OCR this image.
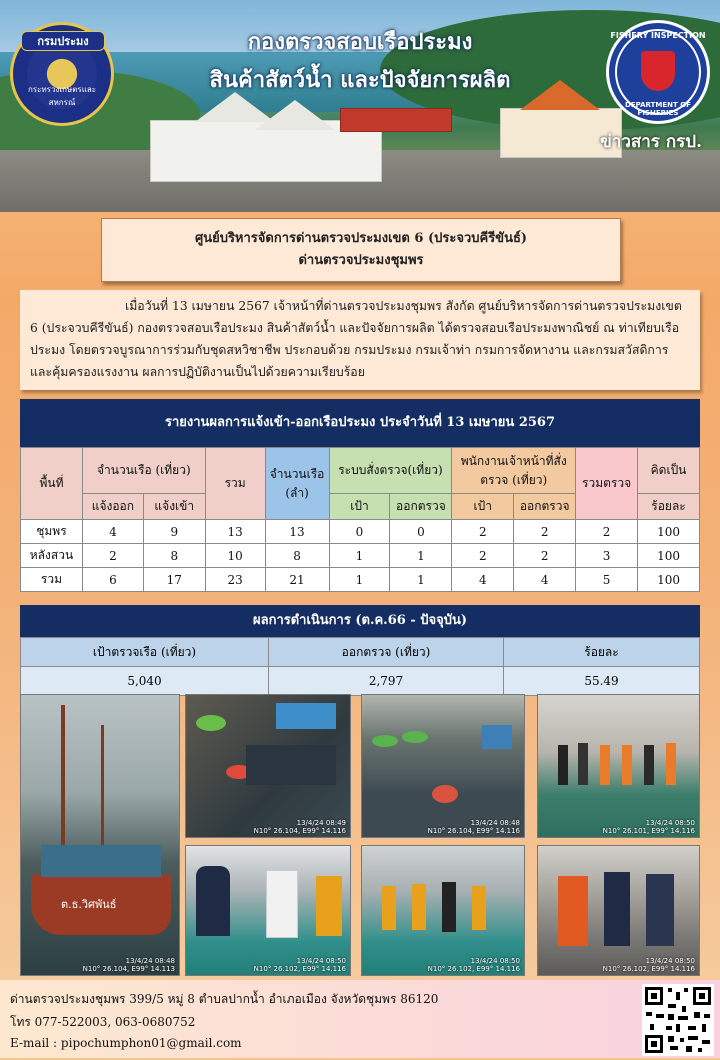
กรมประมง
กระทรวงเกษตรและสหกรณ์
กองตรวจสอบเรือประมง
สินค้าสัตว์น้ำ และปัจจัยการผลิต
FISHERY INSPECTION
DEPARTMENT OF FISHERIES
ข่าวสาร กรป.
ศูนย์บริหารจัดการด่านตรวจประมงเขต 6 (ประจวบคีรีขันธ์)
ด่านตรวจประมงชุมพร
เมื่อวันที่ 13 เมษายน 2567 เจ้าหน้าที่ด่านตรวจประมงชุมพร สังกัด ศูนย์บริหารจัดการด่านตรวจประมงเขต 6 (ประจวบคีรีขันธ์) กองตรวจสอบเรือประมง สินค้าสัตว์น้ำ และปัจจัยการผลิต ได้ตรวจสอบเรือประมงพาณิชย์ ณ ท่าเทียบเรือประมง โดยตรวจบูรณาการร่วมกับชุดสหวิชาชีพ ประกอบด้วย กรมประมง กรมเจ้าท่า กรมการจัดหางาน และกรมสวัสดิการและคุ้มครองแรงงาน ผลการปฏิบัติงานเป็นไปด้วยความเรียบร้อย
รายงานผลการแจ้งเข้า-ออกเรือประมง ประจำวันที่ 13 เมษายน 2567
พื้นที่	จำนวนเรือ (เที่ยว)		รวม	จำนวนเรือ (ลำ)	ระบบสั่งตรวจ(เที่ยว)		พนักงานเจ้าหน้าที่สั่งตรวจ (เที่ยว)		รวมตรวจ	คิดเป็น
	แจ้งออก	แจ้งเข้า			เป้า	ออกตรวจ	เป้า	ออกตรวจ		ร้อยละ
ชุมพร	4	9	13	13	0	0	2	2	2	100
หลังสวน	2	8	10	8	1	1	2	2	3	100
รวม	6	17	23	21	1	1	4	4	5	100
ผลการดำเนินการ (ต.ค.66 - ปัจจุบัน)
เป้าตรวจเรือ (เที่ยว)	ออกตรวจ (เที่ยว)	ร้อยละ
5,040	2,797	55.49
ต.ธ.วิศพันธ์
13/4/24 08:48
N10° 26.104, E99° 14.113
13/4/24 08:49
N10° 26.104, E99° 14.116
13/4/24 08:48
N10° 26.104, E99° 14.116
13/4/24 08:50
N10° 26.101, E99° 14.116
13/4/24 08:50
N10° 26.102, E99° 14.116
13/4/24 08:50
N10° 26.102, E99° 14.116
13/4/24 08:50
N10° 26.102, E99° 14.116
ด่านตรวจประมงชุมพร 399/5 หมู่ 8 ตำบลปากน้ำ อำเภอเมือง จังหวัดชุมพร 86120
โทร 077-522003, 063-0680752
E-mail : pipochumphon01@gmail.com
